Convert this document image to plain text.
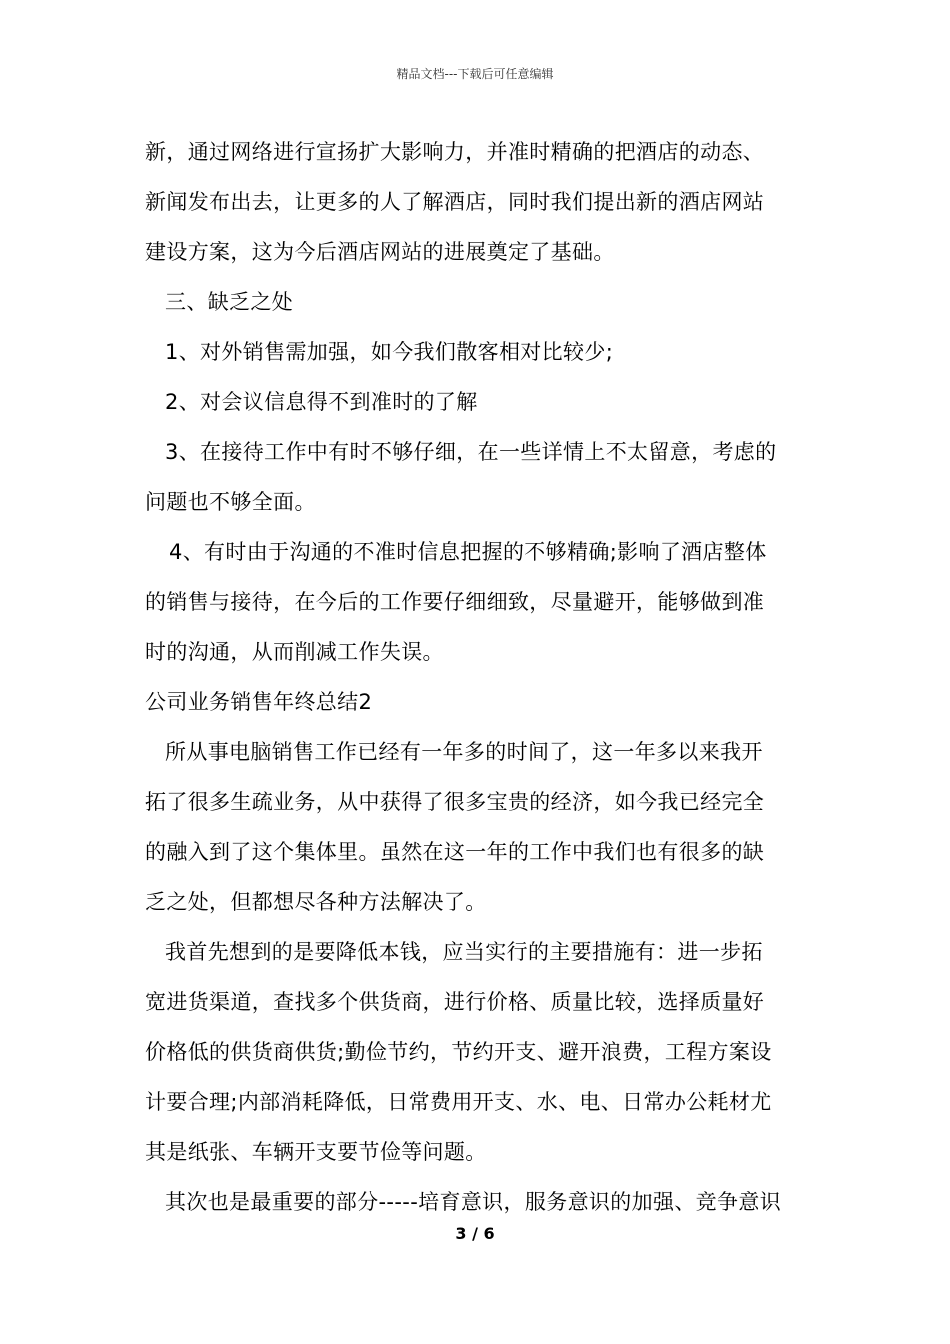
精品文档---下载后可任意编辑
新，通过网络进行宣扬扩大影响力，并准时精确的把酒店的动态、
新闻发布出去，让更多的人了解酒店，同时我们提出新的酒店网站
建设方案，这为今后酒店网站的进展奠定了基础。
三、缺乏之处
1、对外销售需加强，如今我们散客相对比较少;
2、对会议信息得不到准时的了解
3、在接待工作中有时不够仔细，在一些详情上不太留意，考虑的
问题也不够全面。
4、有时由于沟通的不准时信息把握的不够精确;影响了酒店整体
的销售与接待，在今后的工作要仔细细致，尽量避开，能够做到准
时的沟通，从而削减工作失误。
公司业务销售年终总结2
所从事电脑销售工作已经有一年多的时间了，这一年多以来我开
拓了很多生疏业务，从中获得了很多宝贵的经济，如今我已经完全
的融入到了这个集体里。虽然在这一年的工作中我们也有很多的缺
乏之处，但都想尽各种方法解决了。
我首先想到的是要降低本钱，应当实行的主要措施有：进一步拓
宽进货渠道，查找多个供货商，进行价格、质量比较，选择质量好
价格低的供货商供货;勤俭节约，节约开支、避开浪费，工程方案设
计要合理;内部消耗降低，日常费用开支、水、电、日常办公耗材尤
其是纸张、车辆开支要节俭等问题。
其次也是最重要的部分-----培育意识，服务意识的加强、竞争意识
3 / 6
